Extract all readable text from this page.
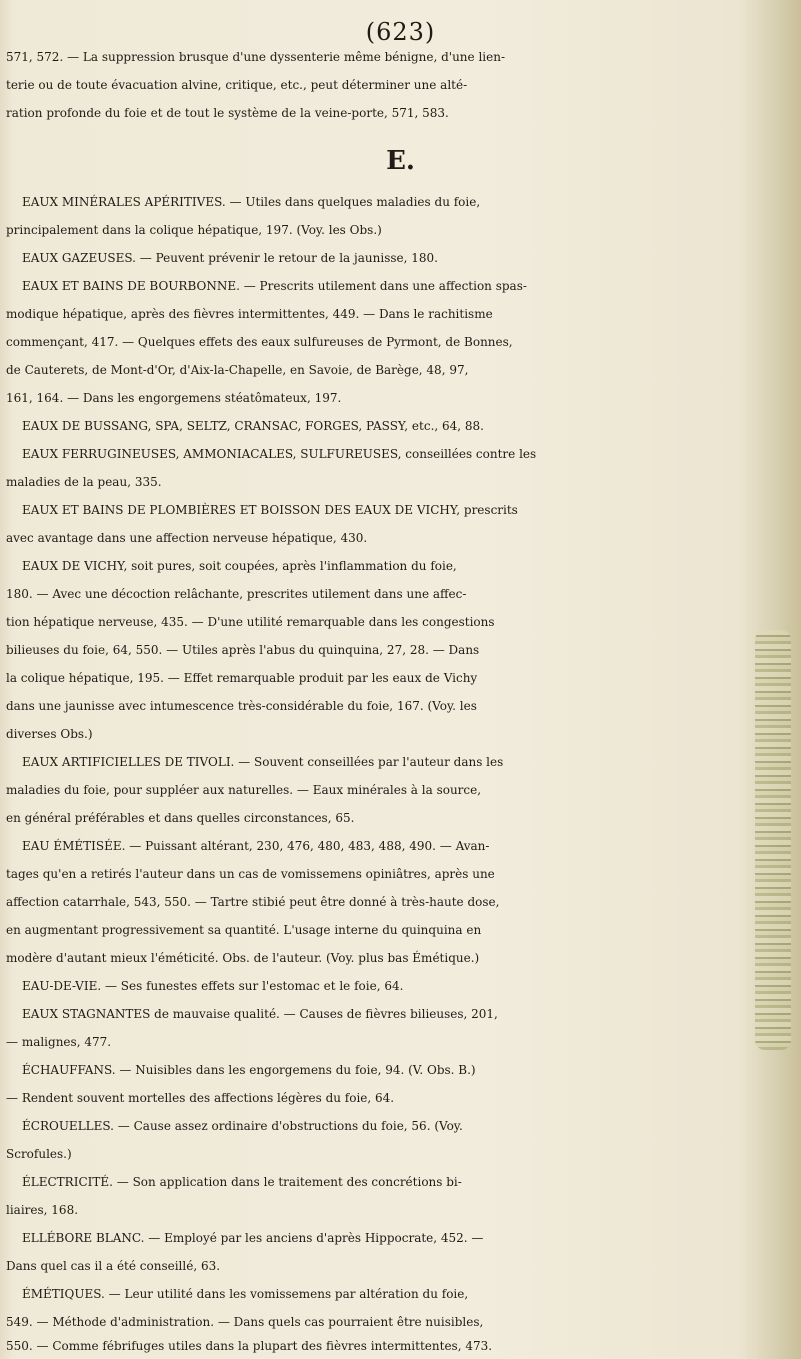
(623)
571, 572. — La suppression brusque d'une dyssenterie même bénigne, d'une lien-
terie ou de toute évacuation alvine, critique, etc., peut déterminer une alté-
ration profonde du foie et de tout le système de la veine-porte, 571, 583.
E.
EAUX MINÉRALES APÉRITIVES. — Utiles dans quelques maladies du foie,
principalement dans la colique hépatique, 197. (Voy. les Obs.)
EAUX GAZEUSES. — Peuvent prévenir le retour de la jaunisse, 180.
EAUX ET BAINS DE BOURBONNE. — Prescrits utilement dans une affection spas-
modique hépatique, après des fièvres intermittentes, 449. — Dans le rachitisme
commençant, 417. — Quelques effets des eaux sulfureuses de Pyrmont, de Bonnes,
de Cauterets, de Mont-d'Or, d'Aix-la-Chapelle, en Savoie, de Barège, 48, 97,
161, 164. — Dans les engorgemens stéatômateux, 197.
EAUX DE BUSSANG, SPA, SELTZ, CRANSAC, FORGES, PASSY, etc., 64, 88.
EAUX FERRUGINEUSES, AMMONIACALES, SULFUREUSES, conseillées contre les
maladies de la peau, 335.
EAUX ET BAINS DE PLOMBIÈRES ET BOISSON DES EAUX DE VICHY, prescrits
avec avantage dans une affection nerveuse hépatique, 430.
EAUX DE VICHY, soit pures, soit coupées, après l'inflammation du foie,
180. — Avec une décoction relâchante, prescrites utilement dans une affec-
tion hépatique nerveuse, 435. — D'une utilité remarquable dans les congestions
bilieuses du foie, 64, 550. — Utiles après l'abus du quinquina, 27, 28. — Dans
la colique hépatique, 195. — Effet remarquable produit par les eaux de Vichy
dans une jaunisse avec intumescence très-considérable du foie, 167. (Voy. les
diverses Obs.)
EAUX ARTIFICIELLES DE TIVOLI. — Souvent conseillées par l'auteur dans les
maladies du foie, pour suppléer aux naturelles. — Eaux minérales à la source,
en général préférables et dans quelles circonstances, 65.
EAU ÉMÉTISÉE. — Puissant altérant, 230, 476, 480, 483, 488, 490. — Avan-
tages qu'en a retirés l'auteur dans un cas de vomissemens opiniâtres, après une
affection catarrhale, 543, 550. — Tartre stibié peut être donné à très-haute dose,
en augmentant progressivement sa quantité. L'usage interne du quinquina en
modère d'autant mieux l'éméticité. Obs. de l'auteur. (Voy. plus bas Émétique.)
EAU-DE-VIE. — Ses funestes effets sur l'estomac et le foie, 64.
EAUX STAGNANTES de mauvaise qualité. — Causes de fièvres bilieuses, 201,
— malignes, 477.
ÉCHAUFFANS. — Nuisibles dans les engorgemens du foie, 94. (V. Obs. B.)
— Rendent souvent mortelles des affections légères du foie, 64.
ÉCROUELLES. — Cause assez ordinaire d'obstructions du foie, 56. (Voy.
Scrofules.)
ÉLECTRICITÉ. — Son application dans le traitement des concrétions bi-
liaires, 168.
ELLÉBORE BLANC. — Employé par les anciens d'après Hippocrate, 452. —
Dans quel cas il a été conseillé, 63.
ÉMÉTIQUES. — Leur utilité dans les vomissemens par altération du foie,
549. — Méthode d'administration. — Dans quels cas pourraient être nuisibles,
550. — Comme fébrifuges utiles dans la plupart des fièvres intermittentes, 473.
